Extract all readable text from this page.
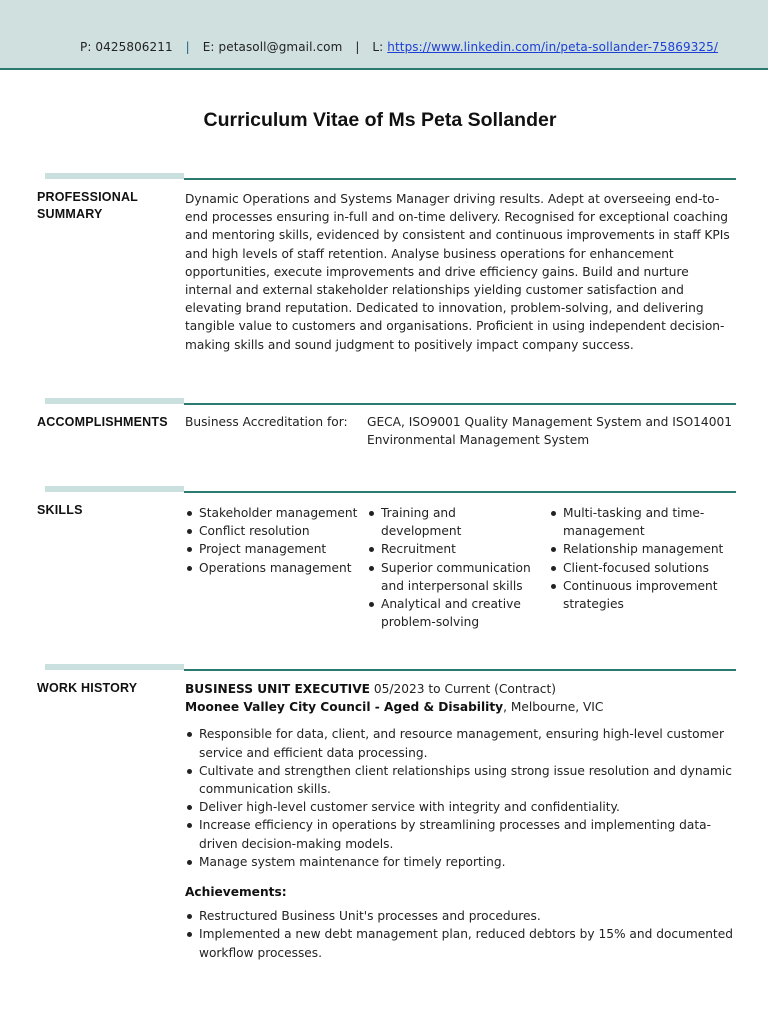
P: 0425806211 | E: petasoll@gmail.com | L: https://www.linkedin.com/in/peta-sollander-75869325/
Curriculum Vitae of Ms Peta Sollander
PROFESSIONAL SUMMARY
Dynamic Operations and Systems Manager driving results. Adept at overseeing end-to-end processes ensuring in-full and on-time delivery. Recognised for exceptional coaching and mentoring skills, evidenced by consistent and continuous improvements in staff KPIs and high levels of staff retention. Analyse business operations for enhancement opportunities, execute improvements and drive efficiency gains. Build and nurture internal and external stakeholder relationships yielding customer satisfaction and elevating brand reputation. Dedicated to innovation, problem-solving, and delivering tangible value to customers and organisations. Proficient in using independent decision-making skills and sound judgment to positively impact company success.
ACCOMPLISHMENTS Business Accreditation for: GECA, ISO9001 Quality Management System and ISO14001 Environmental Management System
SKILLS	Stakeholder management
Conflict resolution
Project management
Operations management
Training and development
Recruitment
Superior communication and interpersonal skills
Analytical and creative problem-solving
Multi-tasking and time-management
Relationship management
Client-focused solutions
Continuous improvement strategies
WORK HISTORY	BUSINESS UNIT EXECUTIVE 05/2023 to Current (Contract)
Moonee Valley City Council - Aged & Disability, Melbourne, VIC
Responsible for data, client, and resource management, ensuring high-level customer service and efficient data processing.
Cultivate and strengthen client relationships using strong issue resolution and dynamic communication skills.
Deliver high-level customer service with integrity and confidentiality.
Increase efficiency in operations by streamlining processes and implementing data-driven decision-making models.
Manage system maintenance for timely reporting.
Achievements:
Restructured Business Unit's processes and procedures.
Implemented a new debt management plan, reduced debtors by 15% and documented workflow processes.
